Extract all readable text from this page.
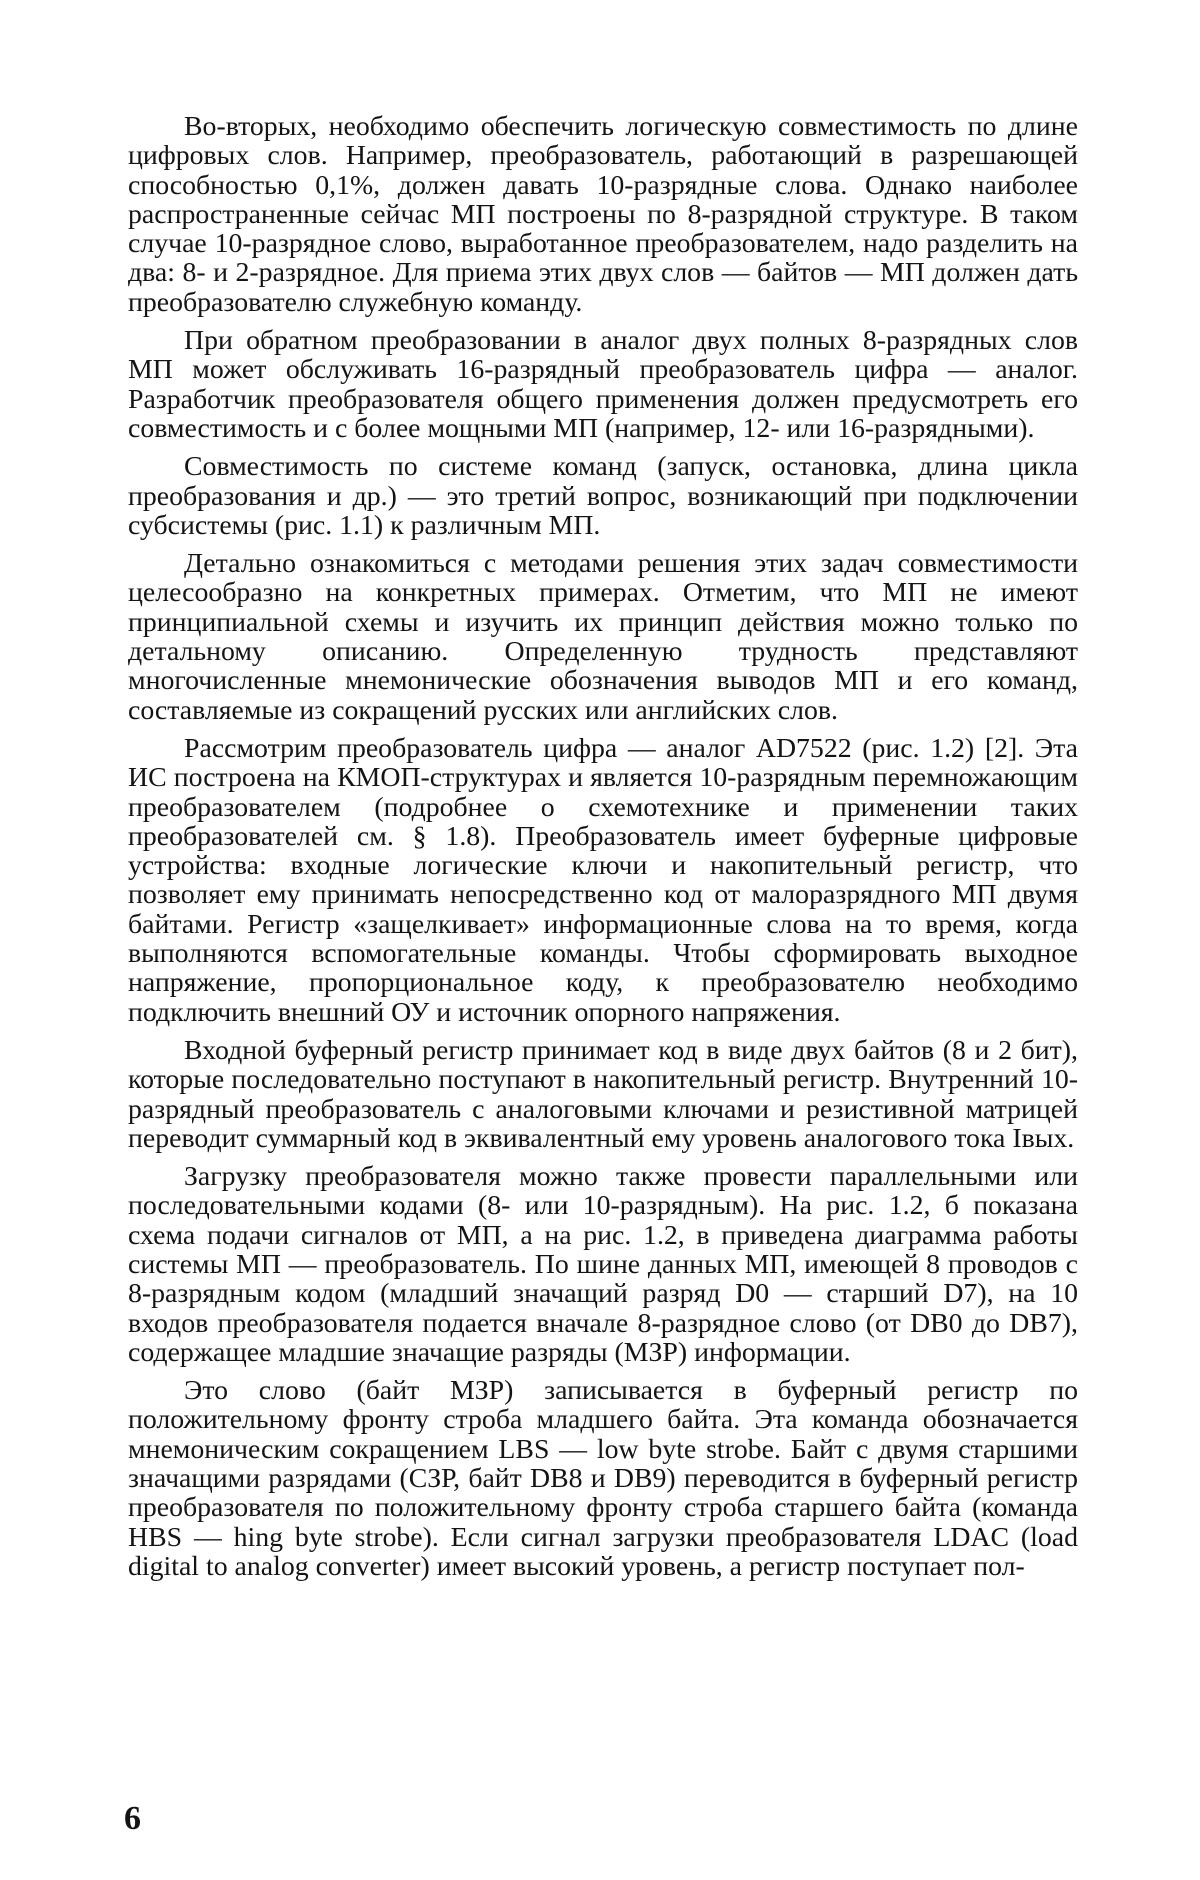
Во-вторых, необходимо обеспечить логическую совместимость по длине цифровых слов. Например, преобразователь, работающий в разрешающей способностью 0,1%, должен давать 10-разрядные слова. Однако наиболее распространенные сейчас МП построены по 8-разрядной структуре. В таком случае 10-разрядное слово, выработанное преобразователем, надо разделить на два: 8- и 2-разрядное. Для приема этих двух слов — байтов — МП должен дать преобразователю служебную команду.

При обратном преобразовании в аналог двух полных 8-разрядных слов МП может обслуживать 16-разрядный преобразователь цифра — аналог. Разработчик преобразователя общего применения должен предусмотреть его совместимость и с более мощными МП (например, 12- или 16-разрядными).

Совместимость по системе команд (запуск, остановка, длина цикла преобразования и др.) — это третий вопрос, возникающий при подключении субсистемы (рис. 1.1) к различным МП.

Детально ознакомиться с методами решения этих задач совместимости целесообразно на конкретных примерах. Отметим, что МП не имеют принципиальной схемы и изучить их принцип действия можно только по детальному описанию. Определенную трудность представляют многочисленные мнемонические обозначения выводов МП и его команд, составляемые из сокращений русских или английских слов.

Рассмотрим преобразователь цифра — аналог AD7522 (рис. 1.2) [2]. Эта ИС построена на КМОП-структурах и является 10-разрядным перемножающим преобразователем (подробнее о схемотехнике и применении таких преобразователей см. § 1.8). Преобразователь имеет буферные цифровые устройства: входные логические ключи и накопительный регистр, что позволяет ему принимать непосредственно код от малоразрядного МП двумя байтами. Регистр «защелкивает» информационные слова на то время, когда выполняются вспомогательные команды. Чтобы сформировать выходное напряжение, пропорциональное коду, к преобразователю необходимо подключить внешний ОУ и источник опорного напряжения.

Входной буферный регистр принимает код в виде двух байтов (8 и 2 бит), которые последовательно поступают в накопительный регистр. Внутренний 10-разрядный преобразователь с аналоговыми ключами и резистивной матрицей переводит суммарный код в эквивалентный ему уровень аналогового тока Iвых.

Загрузку преобразователя можно также провести параллельными или последовательными кодами (8- или 10-разрядным). На рис. 1.2, б показана схема подачи сигналов от МП, а на рис. 1.2, в приведена диаграмма работы системы МП — преобразователь. По шине данных МП, имеющей 8 проводов с 8-разрядным кодом (младший значащий разряд D0 — старший D7), на 10 входов преобразователя подается вначале 8-разрядное слово (от DB0 до DB7), содержащее младшие значащие разряды (МЗР) информации.

Это слово (байт МЗР) записывается в буферный регистр по положительному фронту строба младшего байта. Эта команда обозначается мнемоническим сокращением LBS — low byte strobe. Байт с двумя старшими значащими разрядами (СЗР, байт DB8 и DB9) переводится в буферный регистр преобразователя по положительному фронту строба старшего байта (команда HBS — hing byte strobe). Если сигнал загрузки преобразователя LDAC (load digital to analog converter) имеет высокий уровень, а регистр поступает пол-

6
